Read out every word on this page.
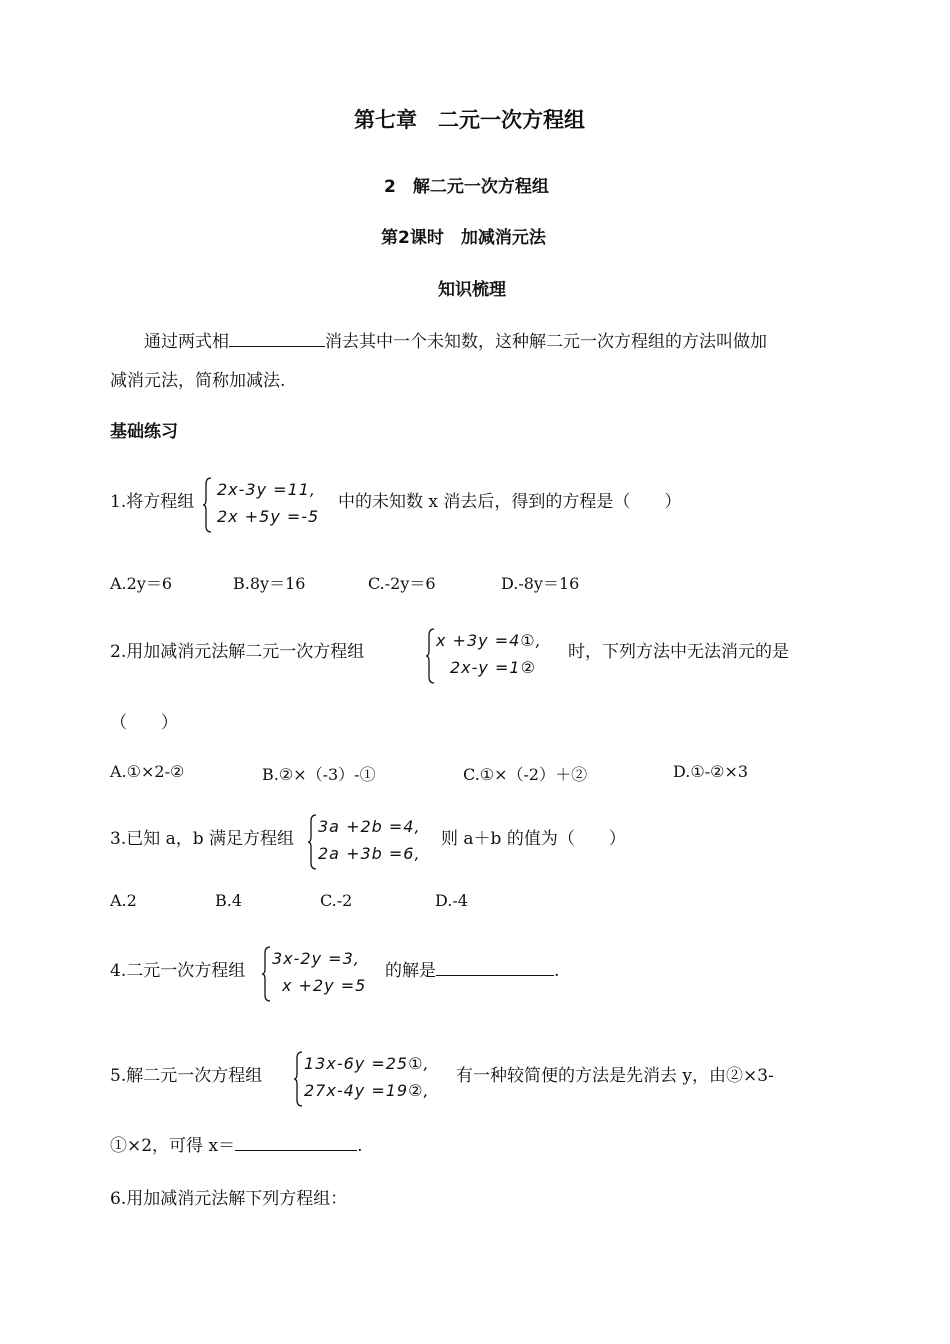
第七章　二元一次方程组
2　解二元一次方程组
第2课时　加减消元法
知识梳理
通过两式相	消去其中一个未知数，这种解二元一次方程组的方法叫做加
减消元法，简称加减法.
基础练习
1.将方程组
2x-3y =11,
2x +5y =-5
中的未知数 x 消去后，得到的方程是（　　）
A.2y＝6	B.8y＝16	C.-2y＝6	D.-8y＝16
2.用加减消元法解二元一次方程组
x +3y =4①,
2x-y =1②
时，下列方法中无法消元的是
（　　）
A.①×2-②	B.②×（-3）-①	C.①×（-2）＋②	D.①-②×3
3.已知 a，b 满足方程组
3a +2b =4,
2a +3b =6,
则 a＋b 的值为（　　）
A.2	B.4	C.-2	D.-4
4.二元一次方程组
3x-2y =3,
x +2y =5
的解是	.
5.解二元一次方程组
13x-6y =25①,
27x-4y =19②,
有一种较简便的方法是先消去 y，由②×3-
①×2，可得 x＝	.
6.用加减消元法解下列方程组：
